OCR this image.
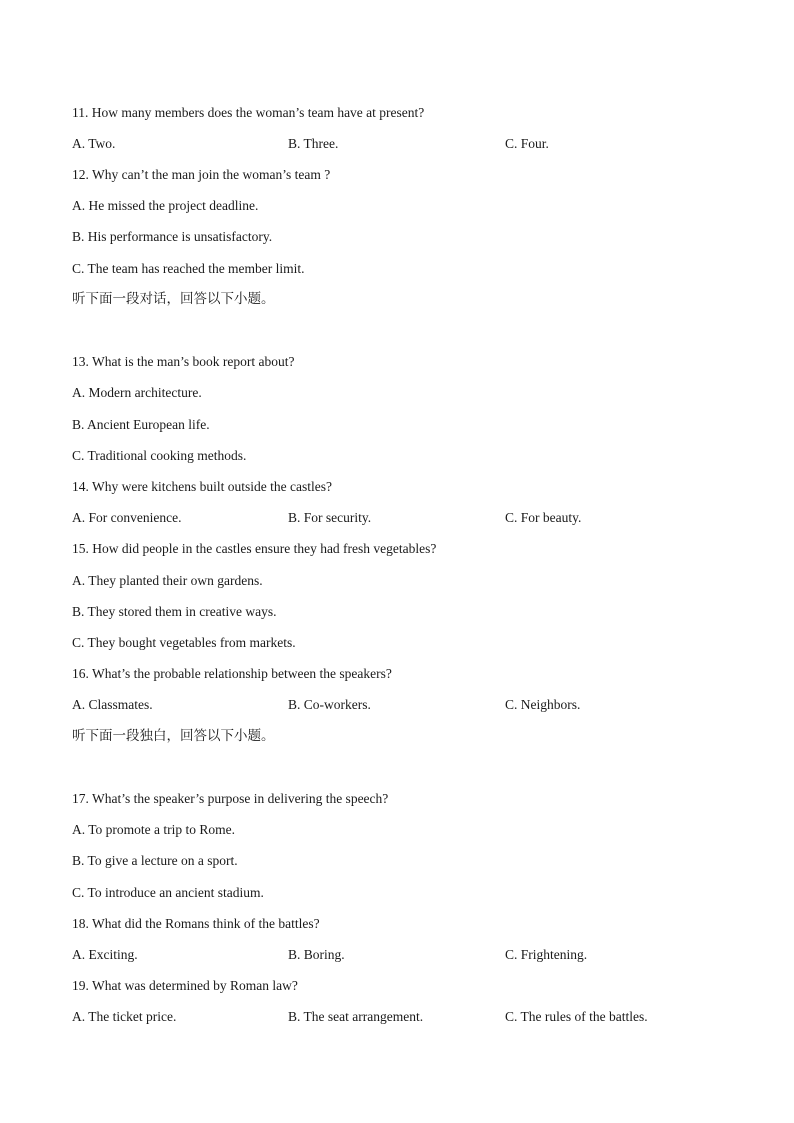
11. How many members does the woman’s team have at present?
A. Two.	B. Three.	C. Four.
12. Why can’t the man join the woman’s team ?
A. He missed the project deadline.
B. His performance is unsatisfactory.
C. The team has reached the member limit.
听下面一段对话，回答以下小题。
13. What is the man’s book report about?
A. Modern architecture.
B. Ancient European life.
C. Traditional cooking methods.
14. Why were kitchens built outside the castles?
A. For convenience.	B. For security.	C. For beauty.
15. How did people in the castles ensure they had fresh vegetables?
A. They planted their own gardens.
B. They stored them in creative ways.
C. They bought vegetables from markets.
16. What’s the probable relationship between the speakers?
A. Classmates.	B. Co-workers.	C. Neighbors.
听下面一段独白，回答以下小题。
17. What’s the speaker’s purpose in delivering the speech?
A. To promote a trip to Rome.
B. To give a lecture on a sport.
C. To introduce an ancient stadium.
18. What did the Romans think of the battles?
A. Exciting.	B. Boring.	C. Frightening.
19. What was determined by Roman law?
A. The ticket price.	B. The seat arrangement.	C. The rules of the battles.
